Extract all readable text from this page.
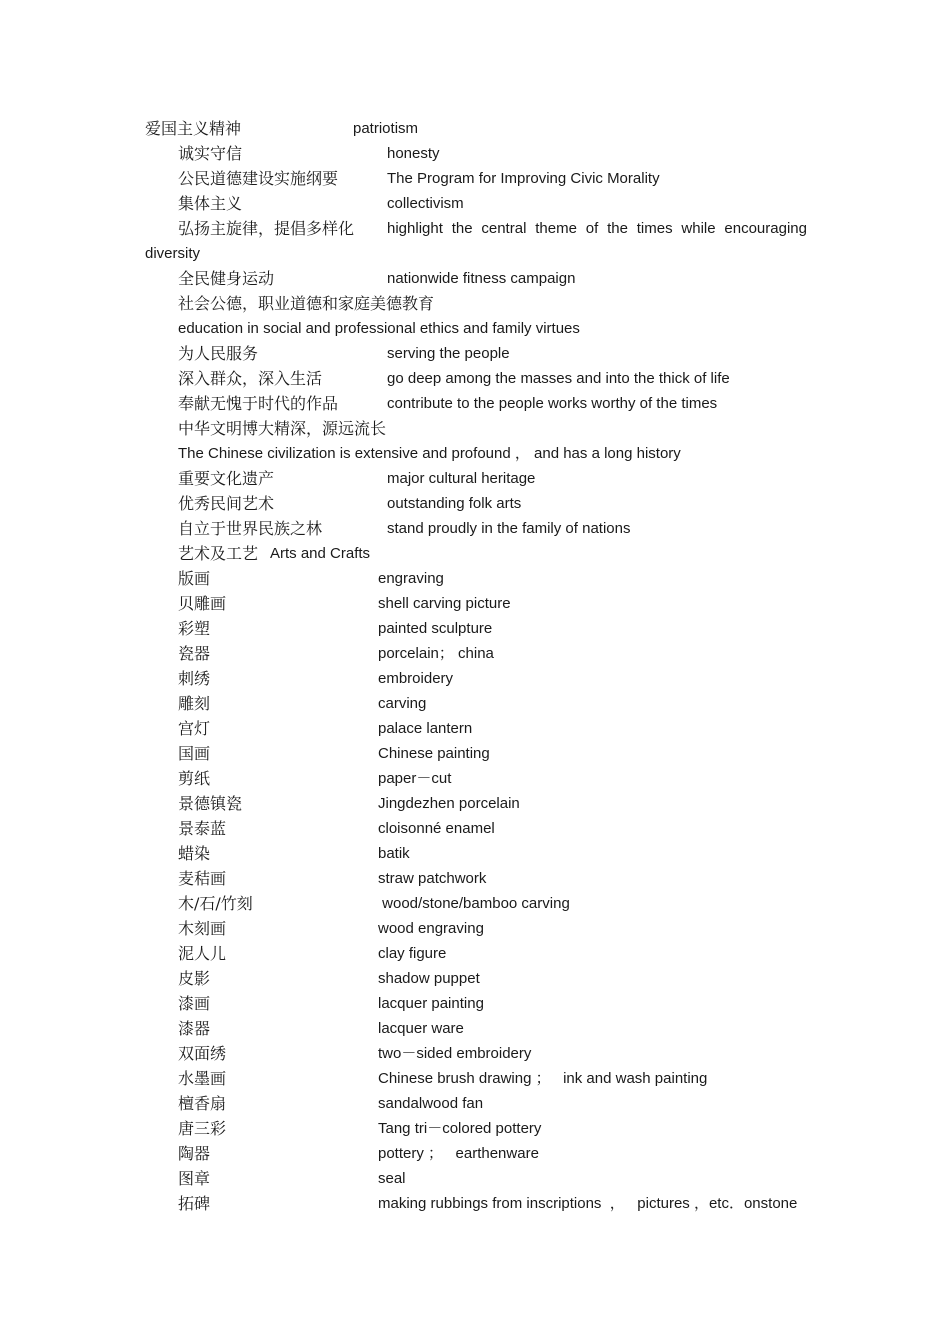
爱国主义精神	patriotism
诚实守信	honesty
公民道德建设实施纲要	The Program for Improving Civic Morality
集体主义	collectivism
弘扬主旋律，提倡多样化 highlight the central theme of the times while encouraging
diversity
全民健身运动	nationwide fitness campaign
社会公德，职业道德和家庭美德教育
education in social and professional ethics and family virtues
为人民服务	serving the people
深入群众，深入生活	go deep among the masses and into the thick of life
奉献无愧于时代的作品	contribute to the people works worthy of the times
中华文明博大精深，源远流长
The Chinese civilization is extensive and profound ， and has a long history
重要文化遗产	major cultural heritage
优秀民间艺术	outstanding folk arts
自立于世界民族之林	stand proudly in the family of nations
艺术及工艺 Arts and Crafts
版画	engraving
贝雕画	shell carving picture
彩塑	painted sculpture
瓷器	porcelain； china
刺绣	embroidery
雕刻	carving
宫灯	palace lantern
国画	Chinese painting
剪纸	paper－cut
景德镇瓷	Jingdezhen porcelain
景泰蓝	cloisonné enamel
蜡染	batik
麦秸画	straw patchwork
木/石/竹刻	wood/stone/bamboo carving
木刻画	wood engraving
泥人儿	clay figure
皮影	shadow puppet
漆画	lacquer painting
漆器	lacquer ware
双面绣	two－sided embroidery
水墨画	Chinese brush drawing ；   ink and wash painting
檀香扇	sandalwood fan
唐三彩	Tang tri－colored pottery
陶器	pottery ；   earthenware
图章	seal
拓碑	making rubbings from inscriptions  ，   pictures ，etc．onstone
